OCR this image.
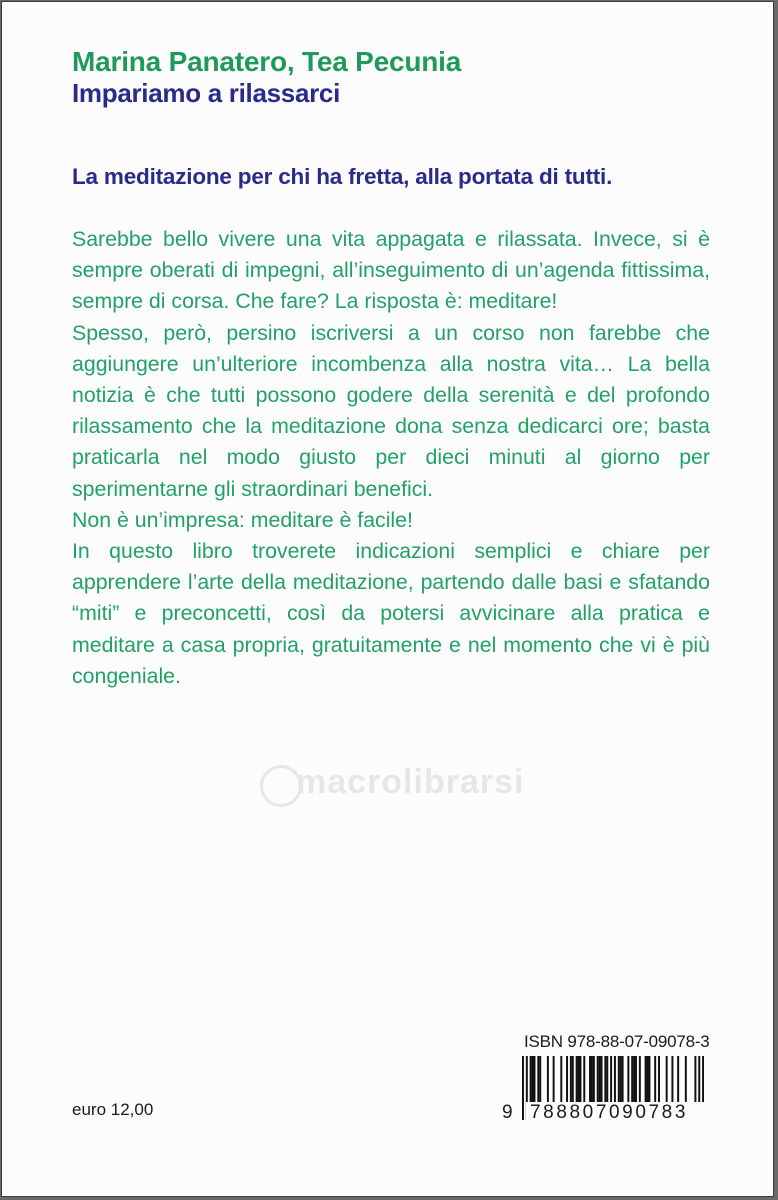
Marina Panatero, Tea Pecunia
Impariamo a rilassarci
La meditazione per chi ha fretta, alla portata di tutti.

Sarebbe bello vivere una vita appagata e rilassata. Invece, si è sempre oberati di impegni, all’inseguimento di un’agenda fittissima, sempre di corsa. Che fare? La risposta è: meditare!

Spesso, però, persino iscriversi a un corso non farebbe che aggiungere un’ulteriore incombenza alla nostra vita… La bella notizia è che tutti possono godere della serenità e del profondo rilassamento che la meditazione dona senza dedicarci ore; basta praticarla nel modo giusto per dieci minuti al giorno per sperimentarne gli straordinari benefici.

Non è un’impresa: meditare è facile!

In questo libro troverete indicazioni semplici e chiare per apprendere l’arte della meditazione, partendo dalle basi e sfatando “miti” e preconcetti, così da potersi avvicinare alla pratica e meditare a casa propria, gratuitamente e nel momento che vi è più congeniale.

macrolibrarsi

euro 12,00

ISBN 978-88-07-09078-3
9 788807090783
